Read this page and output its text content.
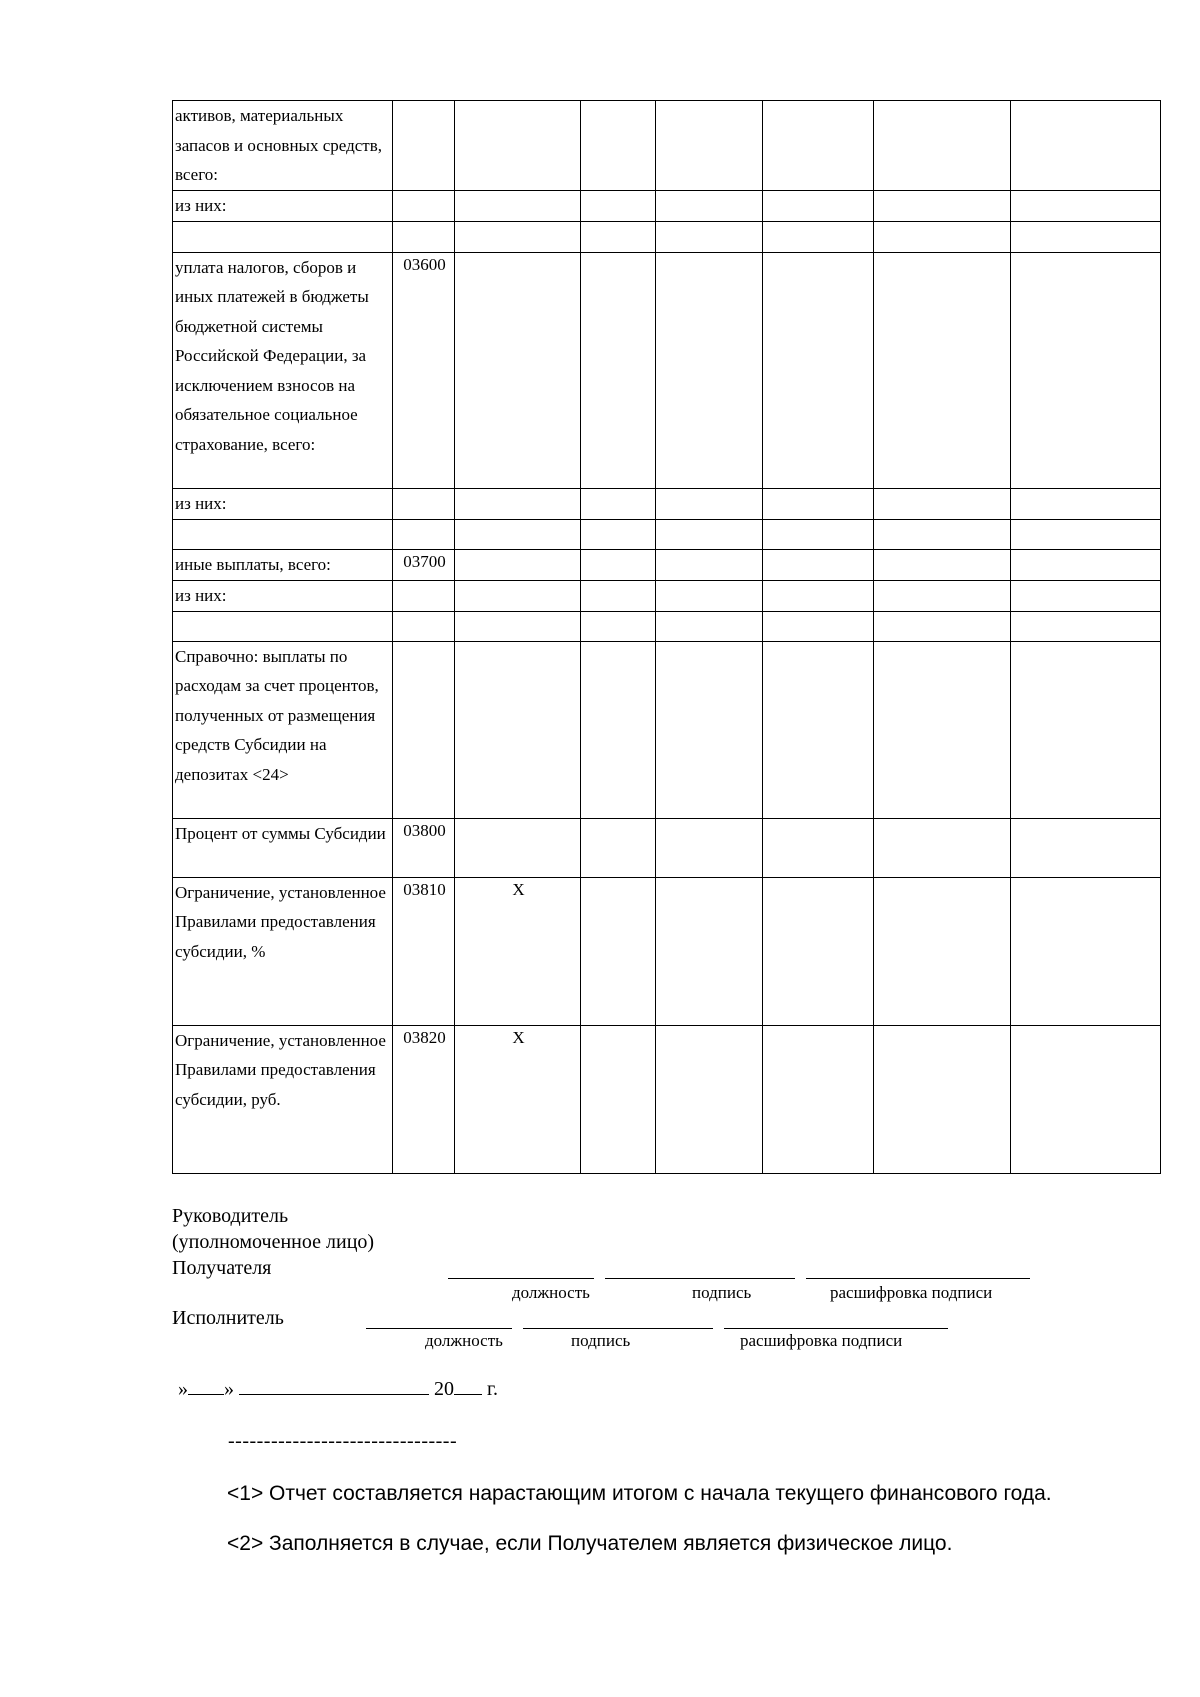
активов, материальных запасов и основных средств, всего:							
из них:							

уплата налогов, сборов и иных платежей в бюджеты бюджетной системы Российской Федерации, за исключением взносов на обязательное социальное страхование, всего:	03600						
из них:							

иные выплаты, всего:	03700						
из них:							

Справочно: выплаты по расходам за счет процентов, полученных от размещения средств Субсидии на депозитах <24>							
Процент от суммы Субсидии	03800						
Ограничение, установленное Правилами предоставления субсидии, %	03810	X					
Ограничение, установленное Правилами предоставления субсидии, руб.	03820	X					
Руководитель
(уполномоченное лицо)
Получателя
должность	подпись	расшифровка подписи
Исполнитель
должность	подпись	расшифровка подписи
» »	20 г.
--------------------------------
<1> Отчет составляется нарастающим итогом с начала текущего финансового года.
<2> Заполняется в случае, если Получателем является физическое лицо.
